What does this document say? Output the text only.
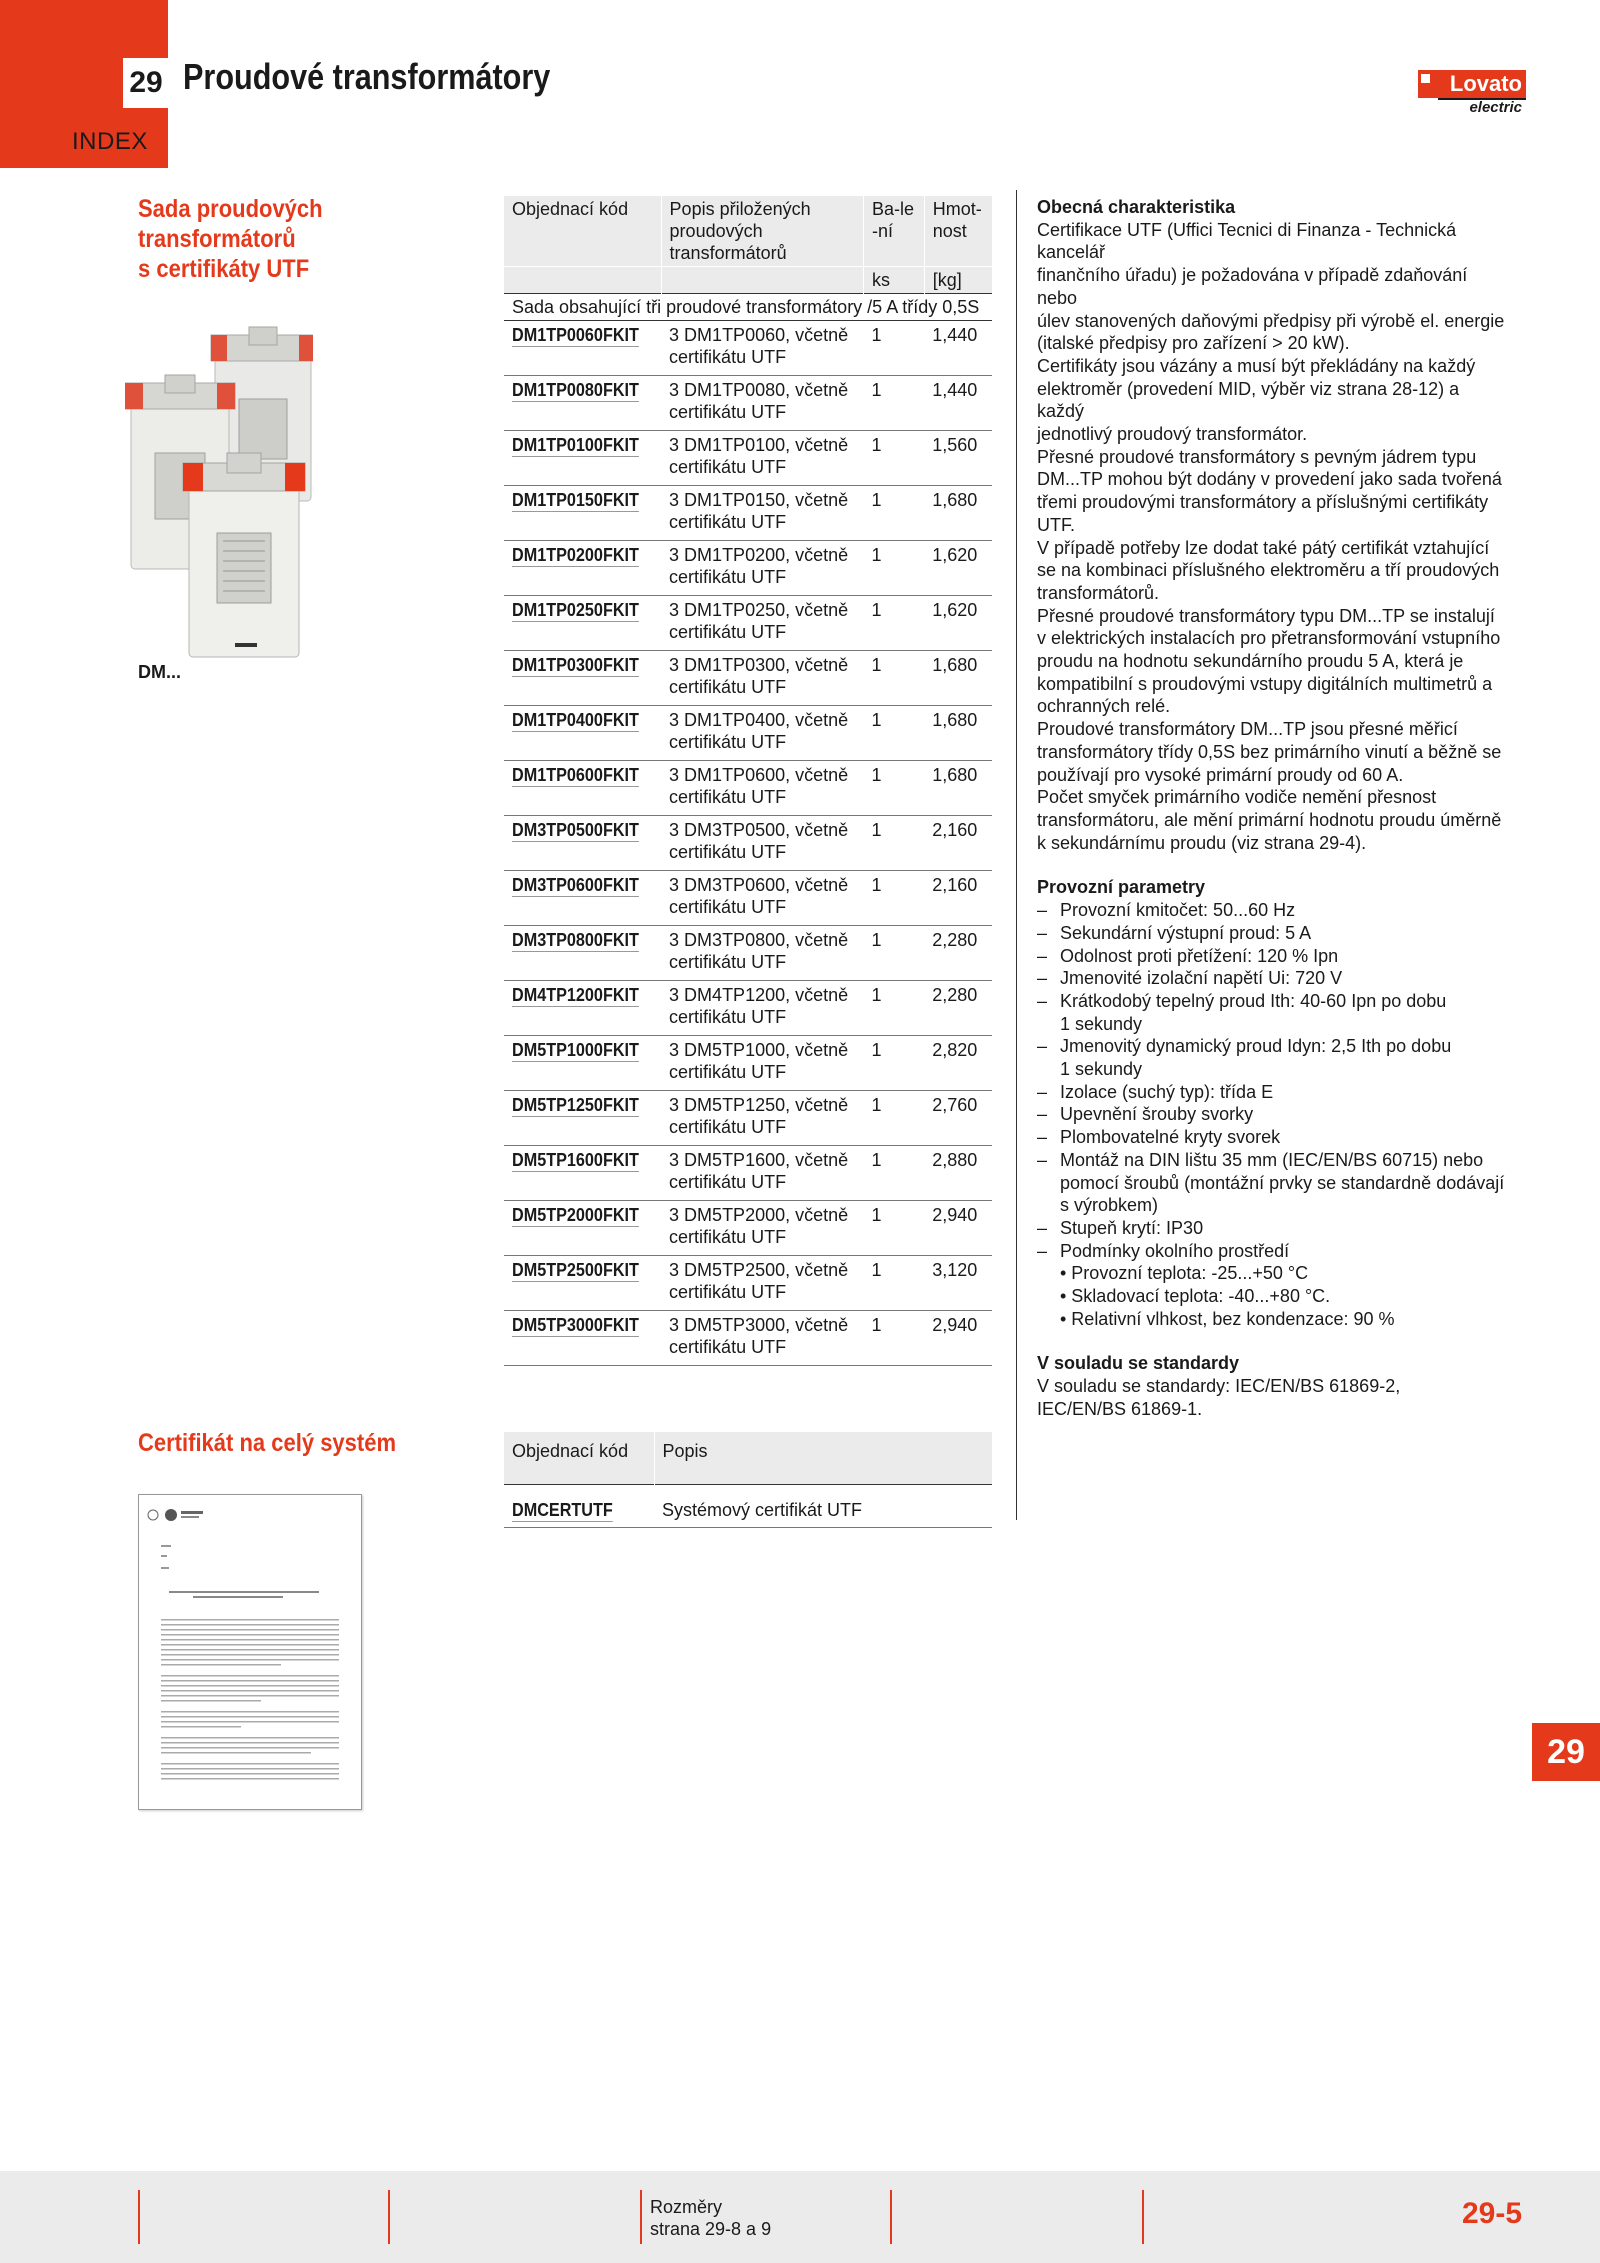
29
INDEX
Proudové transformátory	Lovato
electric
Sada proudových
transformátorů
s certifikáty UTF
DM...
Objednací kód	Popis přiložených proudových transformátorů	Ba-le-ní	Hmot-nost
		ks	[kg]
Sada obsahující tři proudové transformátory /5 A třídy 0,5S			
DM1TP0060FKIT	3 DM1TP0060, včetně
certifikátu UTF	1	1,440
DM1TP0080FKIT	3 DM1TP0080, včetně
certifikátu UTF	1	1,440
DM1TP0100FKIT	3 DM1TP0100, včetně
certifikátu UTF	1	1,560
DM1TP0150FKIT	3 DM1TP0150, včetně
certifikátu UTF	1	1,680
DM1TP0200FKIT	3 DM1TP0200, včetně
certifikátu UTF	1	1,620
DM1TP0250FKIT	3 DM1TP0250, včetně
certifikátu UTF	1	1,620
DM1TP0300FKIT	3 DM1TP0300, včetně
certifikátu UTF	1	1,680
DM1TP0400FKIT	3 DM1TP0400, včetně
certifikátu UTF	1	1,680
DM1TP0600FKIT	3 DM1TP0600, včetně
certifikátu UTF	1	1,680
DM3TP0500FKIT	3 DM3TP0500, včetně
certifikátu UTF	1	2,160
DM3TP0600FKIT	3 DM3TP0600, včetně
certifikátu UTF	1	2,160
DM3TP0800FKIT	3 DM3TP0800, včetně
certifikátu UTF	1	2,280
DM4TP1200FKIT	3 DM4TP1200, včetně
certifikátu UTF	1	2,280
DM5TP1000FKIT	3 DM5TP1000, včetně
certifikátu UTF	1	2,820
DM5TP1250FKIT	3 DM5TP1250, včetně
certifikátu UTF	1	2,760
DM5TP1600FKIT	3 DM5TP1600, včetně
certifikátu UTF	1	2,880
DM5TP2000FKIT	3 DM5TP2000, včetně
certifikátu UTF	1	2,940
DM5TP2500FKIT	3 DM5TP2500, včetně
certifikátu UTF	1	3,120
DM5TP3000FKIT	3 DM5TP3000, včetně
certifikátu UTF	1	2,940
Certifikát na celý systém	Objednací kód	Popis
DMCERTUTF	Systémový certifikát UTF
Obecná charakteristika

Certifikace UTF (Uffici Tecnici di Finanza - Technická kancelář

finančního úřadu) je požadována v případě zdaňování nebo

úlev stanovených daňovými předpisy při výrobě el. energie

(italské předpisy pro zařízení > 20 kW).

Certifikáty jsou vázány a musí být překládány na každý

elektroměr (provedení MID, výběr viz strana 28-12) a každý

jednotlivý proudový transformátor.

Přesné proudové transformátory s pevným jádrem typu

DM...TP mohou být dodány v provedení jako sada tvořená

třemi proudovými transformátory a příslušnými certifikáty

UTF.

V případě potřeby lze dodat také pátý certifikát vztahující

se na kombinaci příslušného elektroměru a tří proudových

transformátorů.

Přesné proudové transformátory typu DM...TP se instalují

v elektrických instalacích pro přetransformování vstupního

proudu na hodnotu sekundárního proudu 5 A, která je

kompatibilní s proudovými vstupy digitálních multimetrů a

ochranných relé.

Proudové transformátory DM...TP jsou přesné měřicí

transformátory třídy 0,5S bez primárního vinutí a běžně se

používají pro vysoké primární proudy od 60 A.

Počet smyček primárního vodiče nemění přesnost

transformátoru, ale mění primární hodnotu proudu úměrně

k sekundárnímu proudu (viz strana 29-4).

Provozní parametry
– Provozní kmitočet: 50...60 Hz
– Sekundární výstupní proud: 5 A
– Odolnost proti přetížení: 120 % Ipn
– Jmenovité izolační napětí Ui: 720 V
– Krátkodobý tepelný proud Ith: 40-60 Ipn po dobu
1 sekundy
– Jmenovitý dynamický proud Idyn: 2,5 Ith po dobu
1 sekundy
– Izolace (suchý typ): třída E
– Upevnění šrouby svorky
– Plombovatelné kryty svorek
– Montáž na DIN lištu 35 mm (IEC/EN/BS 60715) nebo
pomocí šroubů (montážní prvky se standardně dodávají
s výrobkem)
– Stupeň krytí: IP30
– Podmínky okolního prostředí
• Provozní teplota: -25...+50 °C
• Skladovací teplota: -40...+80 °C.
• Relativní vlhkost, bez kondenzace: 90 %
V souladu se standardy

V souladu se standardy: IEC/EN/BS 61869-2,

IEC/EN/BS 61869-1.

29
Rozměry
strana 29-8 a 9	29-5
